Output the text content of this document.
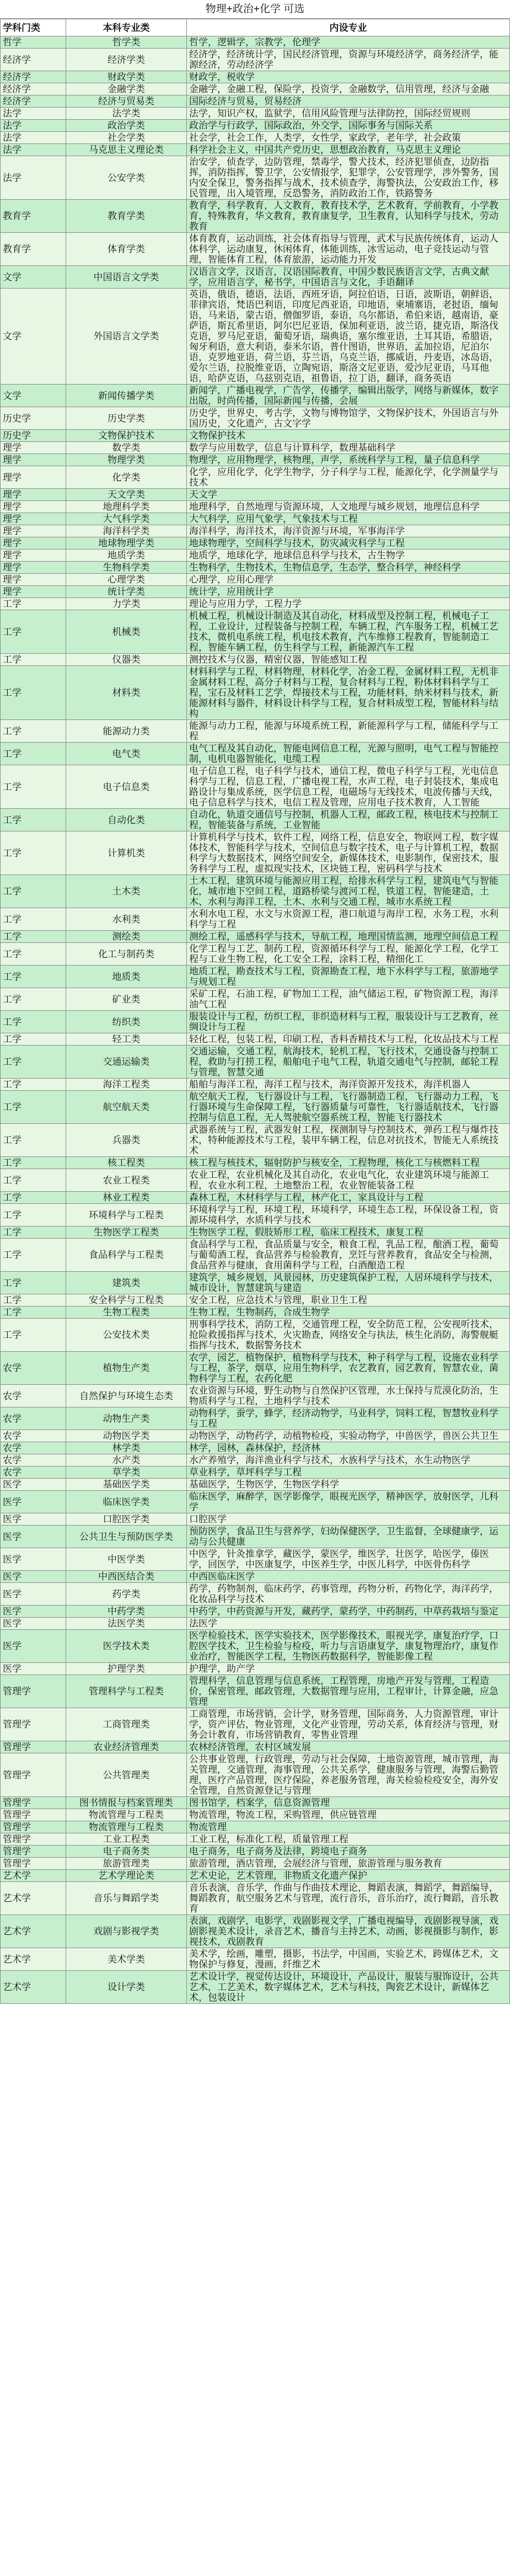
物理+政治+化学 可选
学科门类	本科专业类	内设专业
哲学	哲学类	哲学，逻辑学，宗教学，伦理学
经济学	经济学类	经济学，经济统计学，国民经济管理，资源与环境经济学，商务经济学，能源经济，劳动经济学
经济学	财政学类	财政学，税收学
经济学	金融学类	金融学，金融工程，保险学，投资学，金融数学，信用管理，经济与金融
经济学	经济与贸易类	国际经济与贸易，贸易经济
法学	法学类	法学，知识产权，监狱学，信用风险管理与法律防控，国际经贸规则
法学	政治学类	政治学与行政学，国际政治，外交学，国际事务与国际关系
法学	社会学类	社会学，社会工作，人类学，女性学，家政学，老年学，社会政策
法学	马克思主义理论类	科学社会主义，中国共产党历史，思想政治教育，马克思主义理论
法学	公安学类	治安学，侦查学，边防管理，禁毒学，警犬技术，经济犯罪侦查，边防指挥，消防指挥，警卫学，公安情报学，犯罪学，公安管理学，涉外警务，国内安全保卫，警务指挥与战术，技术侦查学，海警执法，公安政治工作，移民管理，出入境管理，反恐警务，消防政治工作，铁路警务
教育学	教育学类	教育学，科学教育，人文教育，教育技术学，艺术教育，学前教育，小学教育，特殊教育，华文教育，教育康复学，卫生教育，认知科学与技术，劳动教育
教育学	体育学类	体育教育，运动训练，社会体育指导与管理，武术与民族传统体育，运动人体科学，运动康复，休闲体育，体能训练，冰雪运动，电子竞技运动与管理，智能体育工程，体育旅游，运动能力开发
文学	中国语言文学类	汉语言文学，汉语言，汉语国际教育，中国少数民族语言文学，古典文献学，应用语言学，秘书学，中国语言与文化，手语翻译
文学	外国语言文学类	英语，俄语，德语，法语，西班牙语，阿拉伯语，日语，波斯语，朝鲜语，菲律宾语，梵语巴利语，印度尼西亚语，印地语，柬埔寨语，老挝语，缅甸语，马来语，蒙古语，僧伽罗语，泰语，乌尔都语，希伯来语，越南语，豪萨语，斯瓦希里语，阿尔巴尼亚语，保加利亚语，波兰语，捷克语，斯洛伐克语，罗马尼亚语，葡萄牙语，瑞典语，塞尔维亚语，土耳其语，希腊语，匈牙利语，意大利语，泰米尔语，普什图语，世界语，孟加拉语，尼泊尔语，克罗地亚语，荷兰语，芬兰语，乌克兰语，挪威语，丹麦语，冰岛语，爱尔兰语，拉脱维亚语，立陶宛语，斯洛文尼亚语，爱沙尼亚语，马耳他语，哈萨克语，乌兹别克语，祖鲁语，拉丁语，翻译，商务英语
文学	新闻传播学类	新闻学，广播电视学，广告学，传播学，编辑出版学，网络与新媒体，数字出版，时尚传播，国际新闻与传播，会展
历史学	历史学类	历史学，世界史，考古学，文物与博物馆学，文物保护技术，外国语言与外国历史，文化遗产，古文字学
历史学	文物保护技术	文物保护技术
理学	数学类	数学与应用数学，信息与计算科学，数理基础科学
理学	物理学类	物理学，应用物理学，核物理，声学，系统科学与工程，量子信息科学
理学	化学类	化学，应用化学，化学生物学，分子科学与工程，能源化学，化学测量学与技术
理学	天文学类	天文学
理学	地理科学类	地理科学，自然地理与资源环境，人文地理与城乡规划，地理信息科学
理学	大气科学类	大气科学，应用气象学，气象技术与工程
理学	海洋科学类	海洋科学，海洋技术，海洋资源与环境，军事海洋学
理学	地球物理学类	地球物理学，空间科学与技术，防灾减灾科学与工程
理学	地质学类	地质学，地球化学，地球信息科学与技术，古生物学
理学	生物科学类	生物科学，生物技术，生物信息学，生态学，整合科学，神经科学
理学	心理学类	心理学，应用心理学
理学	统计学类	统计学，应用统计学
工学	力学类	理论与应用力学，工程力学
工学	机械类	机械工程，机械设计制造及其自动化，材料成型及控制工程，机械电子工程，工业设计，过程装备与控制工程，车辆工程，汽车服务工程，机械工艺技术，微机电系统工程，机电技术教育，汽车维修工程教育，智能制造工程，智能车辆工程，仿生科学与工程，新能源汽车工程
工学	仪器类	测控技术与仪器，精密仪器，智能感知工程
工学	材料类	材料科学与工程，材料物理，材料化学，冶金工程，金属材料工程，无机非金属材料工程，高分子材料与工程，复合材料与工程，粉体材料科学与工程，宝石及材料工艺学，焊接技术与工程，功能材料，纳米材料与技术，新能源材料与器件，材料设计科学与工程，复合材料成型工程，智能材料与结构
工学	能源动力类	能源与动力工程，能源与环境系统工程，新能源科学与工程，储能科学与工程
工学	电气类	电气工程及其自动化，智能电网信息工程，光源与照明，电气工程与智能控制，电机电器智能化，电缆工程
工学	电子信息类	电子信息工程，电子科学与技术，通信工程，微电子科学与工程，光电信息科学与工程，信息工程，广播电视工程，水声工程，电子封装技术，集成电路设计与集成系统，医学信息工程，电磁场与无线技术，电波传播与天线，电子信息科学与技术，电信工程及管理，应用电子技术教育，人工智能
工学	自动化类	自动化，轨道交通信号与控制，机器人工程，邮政工程，核电技术与控制工程，智能装备与系统，工业智能
工学	计算机类	计算机科学与技术，软件工程，网络工程，信息安全，物联网工程，数字媒体技术，智能科学与技术，空间信息与数字技术，电子与计算机工程，数据科学与大数据技术，网络空间安全，新媒体技术，电影制作，保密技术，服务科学与工程，虚拟现实技术，区块链工程，密码科学与技术
工学	土木类	土木工程，建筑环境与能源应用工程，给排水科学与工程，建筑电气与智能化，城市地下空间工程，道路桥梁与渡河工程，铁道工程，智能建造，土木、水利与海洋工程，土木、水利与交通工程，城市水系统工程
工学	水利类	水利水电工程，水文与水资源工程，港口航道与海岸工程，水务工程，水利科学与工程
工学	测绘类	测绘工程，遥感科学与技术，导航工程，地理国情监测，地理空间信息工程
工学	化工与制药类	化学工程与工艺，制药工程，资源循环科学与工程，能源化学工程，化学工程与工业生物工程，化工安全工程，涂料工程，精细化工
工学	地质类	地质工程，勘查技术与工程，资源勘查工程，地下水科学与工程，旅游地学与规划工程
工学	矿业类	采矿工程，石油工程，矿物加工工程，油气储运工程，矿物资源工程，海洋油气工程
工学	纺织类	服装设计与工程，纺织工程，非织造材料与工程，服装设计与工艺教育，丝绸设计与工程
工学	轻工类	轻化工程，包装工程，印刷工程，香料香精技术与工程，化妆品技术与工程
工学	交通运输类	交通运输，交通工程，航海技术，轮机工程，飞行技术，交通设备与控制工程，救助与打捞工程，船舶电子电气工程，轨道交通电气与控制，邮轮工程与管理，智慧交通
工学	海洋工程类	船舶与海洋工程，海洋工程与技术，海洋资源开发技术，海洋机器人
工学	航空航天类	航空航天工程，飞行器设计与工程，飞行器制造工程，飞行器动力工程，飞行器环境与生命保障工程，飞行器质量与可靠性，飞行器适航技术，飞行器控制与信息工程，无人驾驶航空器系统工程，智能飞行器技术
工学	兵器类	武器系统与工程，武器发射工程，探测制导与控制技术，弹药工程与爆炸技术，特种能源技术与工程，装甲车辆工程，信息对抗技术，智能无人系统技术
工学	核工程类	核工程与核技术，辐射防护与核安全，工程物理，核化工与核燃料工程
工学	农业工程类	农业工程，农业机械化及其自动化，农业电气化，农业建筑环境与能源工程，农业水利工程，土地整治工程，农业智能装备工程
工学	林业工程类	森林工程，木材科学与工程，林产化工，家具设计与工程
工学	环境科学与工程类	环境科学与工程，环境工程，环境科学，环境生态工程，环保设备工程，资源环境科学，水质科学与技术
工学	生物医学工程类	生物医学工程，假肢矫形工程，临床工程技术，康复工程
工学	食品科学与工程类	食品科学与工程，食品质量与安全，粮食工程，乳品工程，酿酒工程，葡萄与葡萄酒工程，食品营养与检验教育，烹饪与营养教育，食品安全与检测，食品营养与健康，食用菌科学与工程，白酒酿造工程
工学	建筑类	建筑学，城乡规划，风景园林，历史建筑保护工程，人居环境科学与技术，城市设计，智慧建筑与建造
工学	安全科学与工程类	安全工程，应急技术与管理，职业卫生工程
工学	生物工程类	生物工程，生物制药，合成生物学
工学	公安技术类	刑事科学技术，消防工程，交通管理工程，安全防范工程，公安视听技术，抢险救援指挥与技术，火灾勘查，网络安全与执法，核生化消防，海警舰艇指挥与技术，数据警务技术
农学	植物生产类	农学，园艺，植物保护，植物科学与技术，种子科学与工程，设施农业科学与工程，茶学，烟草，应用生物科学，农艺教育，园艺教育，智慧农业，菌物科学与工程，农药化肥
农学	自然保护与环境生态类	农业资源与环境，野生动物与自然保护区管理，水土保持与荒漠化防治，生物质科学与工程，土地科学与技术
农学	动物生产类	动物科学，蚕学，蜂学，经济动物学，马业科学，饲料工程，智慧牧业科学与工程
农学	动物医学类	动物医学，动物药学，动植物检疫，实验动物学，中兽医学，兽医公共卫生
农学	林学类	林学，园林，森林保护，经济林
农学	水产类	水产养殖学，海洋渔业科学与技术，水族科学与技术，水生动物医学
农学	草学类	草业科学，草坪科学与工程
医学	基础医学类	基础医学，生物医学，生物医学科学
医学	临床医学类	临床医学，麻醉学，医学影像学，眼视光医学，精神医学，放射医学，儿科学
医学	口腔医学类	口腔医学
医学	公共卫生与预防医学类	预防医学，食品卫生与营养学，妇幼保健医学，卫生监督，全球健康学，运动与公共健康
医学	中医学类	中医学，针灸推拿学，藏医学，蒙医学，维医学，壮医学，哈医学，傣医学，回医学，中医康复学，中医养生学，中医儿科学，中医骨伤科学
医学	中西医结合类	中西医临床医学
医学	药学类	药学，药物制剂，临床药学，药事管理，药物分析，药物化学，海洋药学，化妆品科学与技术
医学	中药学类	中药学，中药资源与开发，藏药学，蒙药学，中药制药，中草药栽培与鉴定
医学	法医学类	法医学
医学	医学技术类	医学检验技术，医学实验技术，医学影像技术，眼视光学，康复治疗学，口腔医学技术，卫生检验与检疫，听力与言语康复学，康复物理治疗，康复作业治疗，智能医学工程，生物医药数据科学，智能影像工程
医学	护理学类	护理学，助产学
管理学	管理科学与工程类	管理科学，信息管理与信息系统，工程管理，房地产开发与管理，工程造价，保密管理，邮政管理，大数据管理与应用，工程审计，计算金融，应急管理
管理学	工商管理类	工商管理，市场营销，会计学，财务管理，国际商务，人力资源管理，审计学，资产评估，物业管理，文化产业管理，劳动关系，体育经济与管理，财务会计教育，市场营销教育，零售业管理
管理学	农业经济管理类	农林经济管理，农村区域发展
管理学	公共管理类	公共事业管理，行政管理，劳动与社会保障，土地资源管理，城市管理，海关管理，交通管理，海事管理，公共关系学，健康服务与管理，海警后勤管理，医疗产品管理，医疗保险，养老服务管理，海关检验检疫安全，海外安全管理，自然资源登记与管理
管理学	图书情报与档案管理类	图书馆学，档案学，信息资源管理
管理学	物流管理与工程类	物流管理，物流工程，采购管理，供应链管理
管理学	物流管理与工程类	物流管理
管理学	工业工程类	工业工程，标准化工程，质量管理工程
管理学	电子商务类	电子商务，电子商务及法律，跨境电子商务
管理学	旅游管理类	旅游管理，酒店管理，会展经济与管理，旅游管理与服务教育
艺术学	艺术学理论类	艺术史论，艺术管理，非物质文化遗产保护
艺术学	音乐与舞蹈学类	音乐表演，音乐学，作曲与作曲技术理论，舞蹈表演，舞蹈学，舞蹈编导，舞蹈教育，航空服务艺术与管理，流行音乐，音乐治疗，流行舞蹈，音乐教育
艺术学	戏剧与影视学类	表演，戏剧学，电影学，戏剧影视文学，广播电视编导，戏剧影视导演，戏剧影视美术设计，录音艺术，播音与主持艺术，动画，影视摄影与制作，影视技术，戏剧教育
艺术学	美术学类	美术学，绘画，雕塑，摄影，书法学，中国画，实验艺术，跨媒体艺术，文物保护与修复，漫画，纤维艺术
艺术学	设计学类	艺术设计学，视觉传达设计，环境设计，产品设计，服装与服饰设计，公共艺术，工艺美术，数字媒体艺术，艺术与科技，陶瓷艺术设计，新媒体艺术，包装设计
